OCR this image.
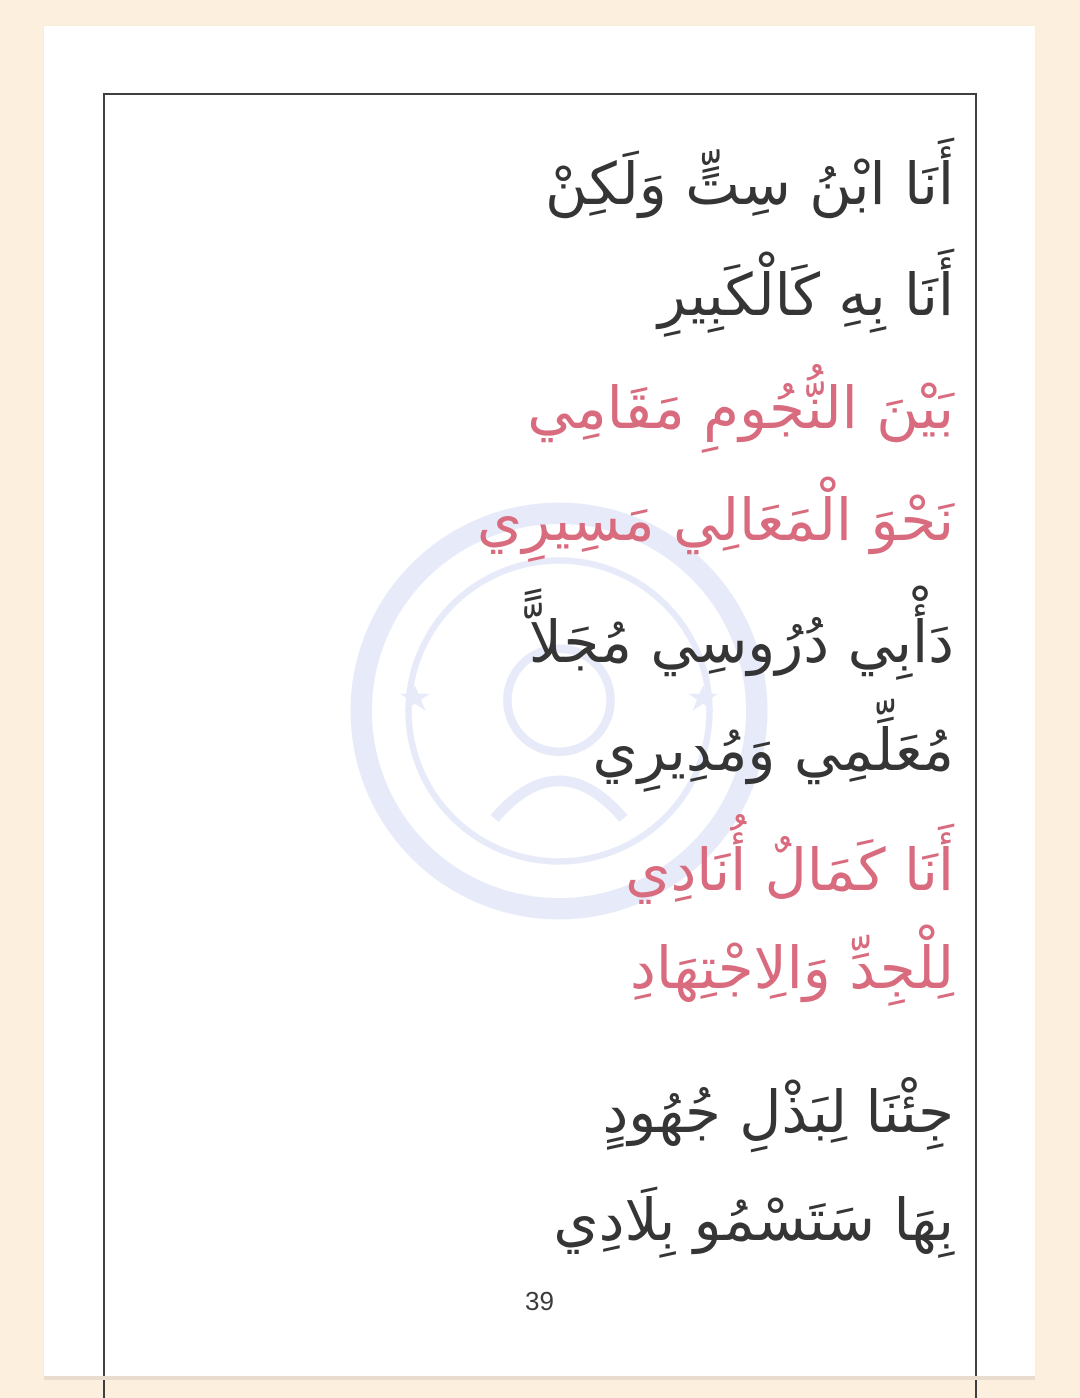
أَنَا ابْنُ سِتٍّ وَلَكِنْ
أَنَا بِهِ كَالْكَبِيرِ
بَيْنَ النُّجُومِ مَقَامِي
نَحْوَ الْمَعَالِي مَسِيرِي
دَأْبِي دُرُوسِي مُجَلاًّ
مُعَلِّمِي وَمُدِيرِي
أَنَا كَمَالٌ أُنَادِي
لِلْجِدِّ وَالِاجْتِهَادِ
جِئْنَا لِبَذْلِ جُهُودٍ
بِهَا سَتَسْمُو بِلَادِي
39
